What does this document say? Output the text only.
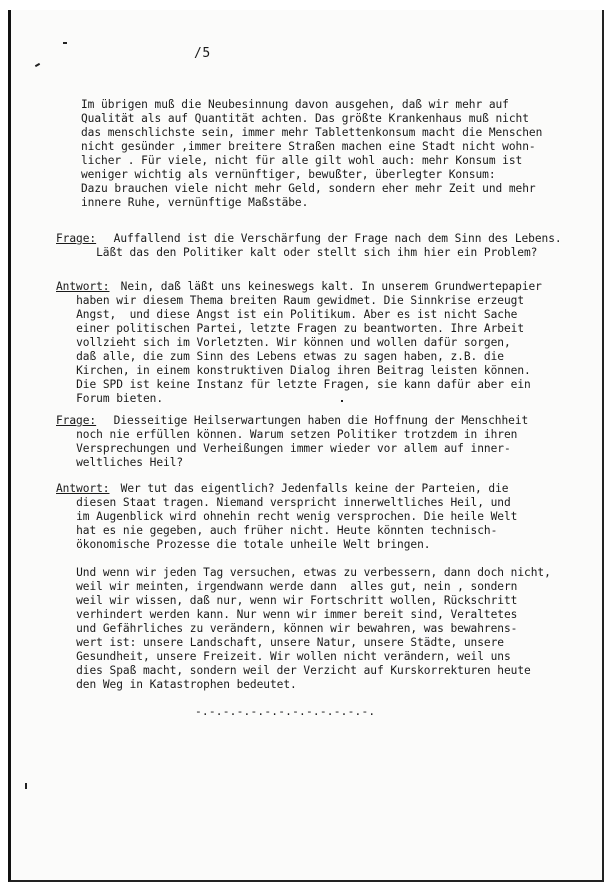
/5
Im übrigen muß die Neubesinnung davon ausgehen, daß wir mehr auf
Qualität als auf Quantität achten. Das größte Krankenhaus muß nicht
das menschlichste sein, immer mehr Tablettenkonsum macht die Menschen
nicht gesünder ,immer breitere Straßen machen eine Stadt nicht wohn-
licher . Für viele, nicht für alle gilt wohl auch: mehr Konsum ist
weniger wichtig als vernünftiger, bewußter, überlegter Konsum:
Dazu brauchen viele nicht mehr Geld, sondern eher mehr Zeit und mehr
innere Ruhe, vernünftige Maßstäbe.
Frage: Auffallend ist die Verschärfung der Frage nach dem Sinn des Lebens.
Läßt das den Politiker kalt oder stellt sich ihm hier ein Problem?
Antwort: Nein, daß läßt uns keineswegs kalt. In unserem Grundwertepapier
haben wir diesem Thema breiten Raum gewidmet. Die Sinnkrise erzeugt
Angst,  und diese Angst ist ein Politikum. Aber es ist nicht Sache
einer politischen Partei, letzte Fragen zu beantworten. Ihre Arbeit
vollzieht sich im Vorletzten. Wir können und wollen dafür sorgen,
daß alle, die zum Sinn des Lebens etwas zu sagen haben, z.B. die
Kirchen, in einem konstruktiven Dialog ihren Beitrag leisten können.
Die SPD ist keine Instanz für letzte Fragen, sie kann dafür aber ein
Forum bieten.
Frage: Diesseitige Heilserwartungen haben die Hoffnung der Menschheit
noch nie erfüllen können. Warum setzen Politiker trotzdem in ihren
Versprechungen und Verheißungen immer wieder vor allem auf inner-
weltliches Heil?
Antwort: Wer tut das eigentlich? Jedenfalls keine der Parteien, die
diesen Staat tragen. Niemand verspricht innerweltliches Heil, und
im Augenblick wird ohnehin recht wenig versprochen. Die heile Welt
hat es nie gegeben, auch früher nicht. Heute könnten technisch-
ökonomische Prozesse die totale unheile Welt bringen.
Und wenn wir jeden Tag versuchen, etwas zu verbessern, dann doch nicht,
weil wir meinten, irgendwann werde dann  alles gut, nein , sondern
weil wir wissen, daß nur, wenn wir Fortschritt wollen, Rückschritt
verhindert werden kann. Nur wenn wir immer bereit sind, Veraltetes
und Gefährliches zu verändern, können wir bewahren, was bewahrens-
wert ist: unsere Landschaft, unsere Natur, unsere Städte, unsere
Gesundheit, unsere Freizeit. Wir wollen nicht verändern, weil uns
dies Spaß macht, sondern weil der Verzicht auf Kurskorrekturen heute
den Weg in Katastrophen bedeutet.
-.-.-.-.-.-.-.-.-.-.-.-.-.
